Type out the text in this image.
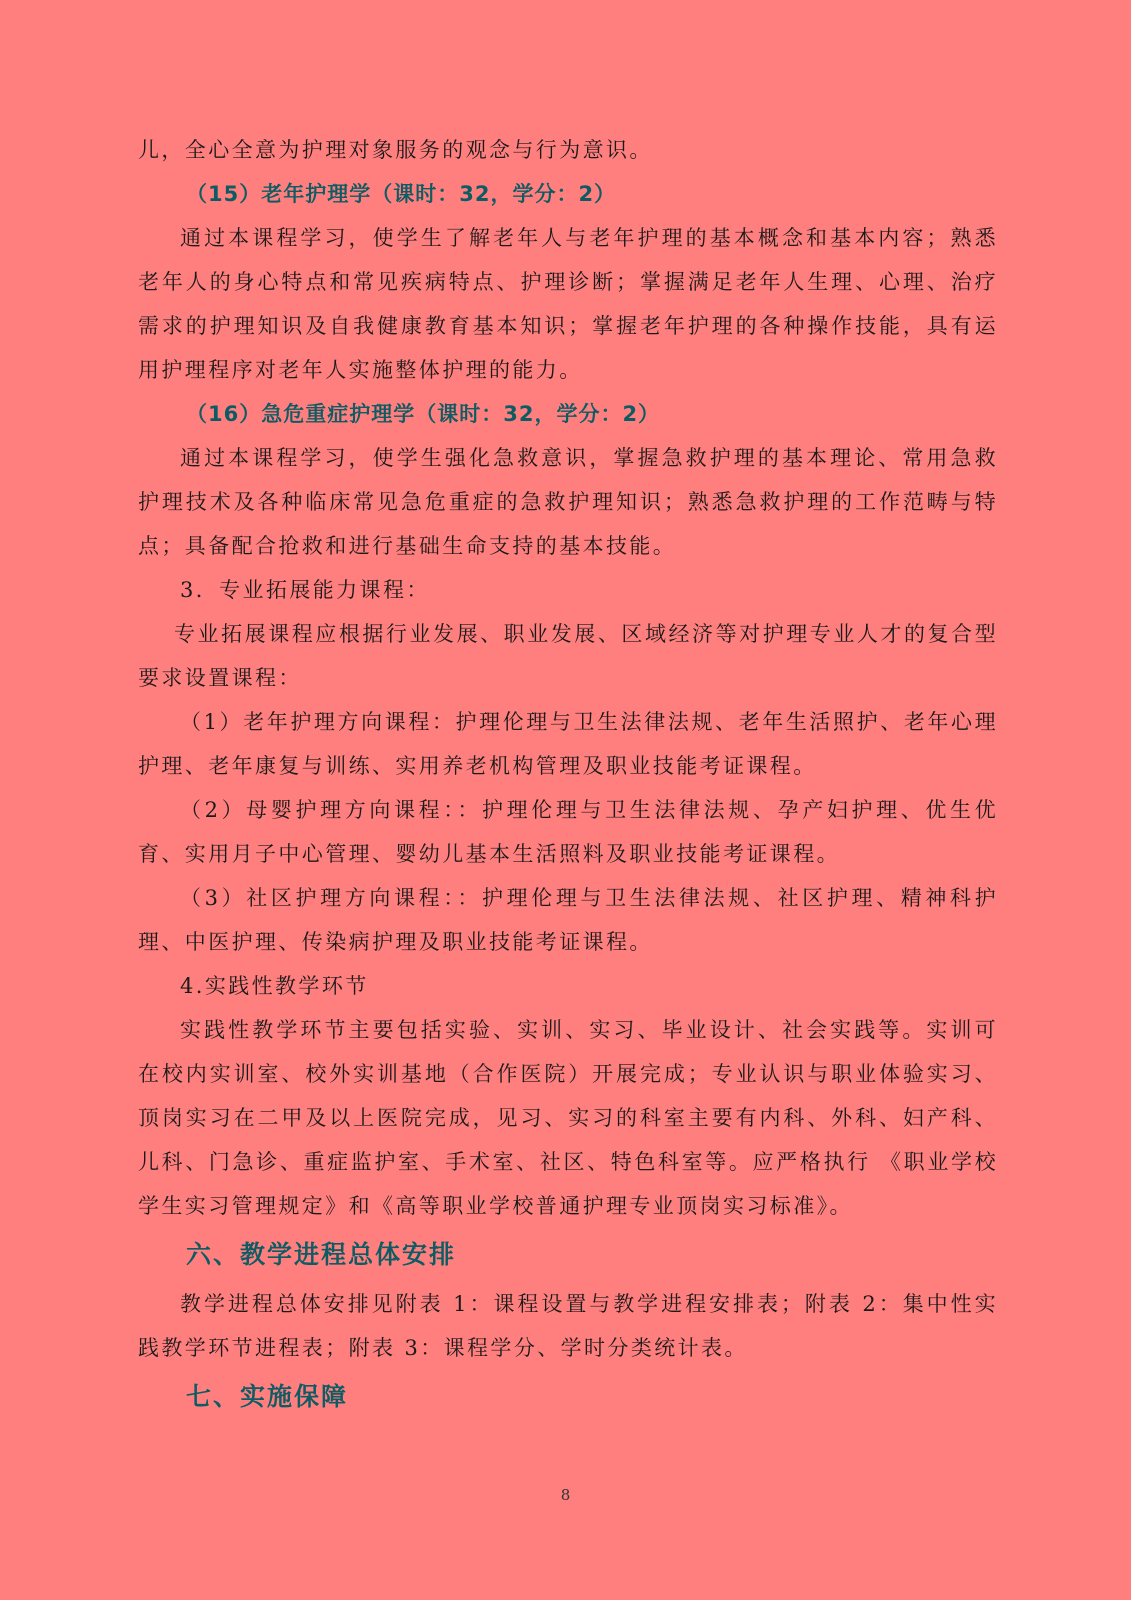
儿，全心全意为护理对象服务的观念与行为意识。

（15）老年护理学（课时：32，学分：2）

通过本课程学习，使学生了解老年人与老年护理的基本概念和基本内容；熟悉老年人的身心特点和常见疾病特点、护理诊断；掌握满足老年人生理、心理、治疗需求的护理知识及自我健康教育基本知识；掌握老年护理的各种操作技能，具有运用护理程序对老年人实施整体护理的能力。

（16）急危重症护理学（课时：32，学分：2）

通过本课程学习，使学生强化急救意识，掌握急救护理的基本理论、常用急救护理技术及各种临床常见急危重症的急救护理知识；熟悉急救护理的工作范畴与特点；具备配合抢救和进行基础生命支持的基本技能。

3．专业拓展能力课程：

专业拓展课程应根据行业发展、职业发展、区域经济等对护理专业人才的复合型要求设置课程：

（1）老年护理方向课程：护理伦理与卫生法律法规、老年生活照护、老年心理护理、老年康复与训练、实用养老机构管理及职业技能考证课程。

（2）母婴护理方向课程：：护理伦理与卫生法律法规、孕产妇护理、优生优育、实用月子中心管理、婴幼儿基本生活照料及职业技能考证课程。

（3）社区护理方向课程：：护理伦理与卫生法律法规、社区护理、精神科护理、中医护理、传染病护理及职业技能考证课程。

4.实践性教学环节

实践性教学环节主要包括实验、实训、实习、毕业设计、社会实践等。实训可在校内实训室、校外实训基地（合作医院）开展完成；专业认识与职业体验实习、顶岗实习在二甲及以上医院完成，见习、实习的科室主要有内科、外科、妇产科、儿科、门急诊、重症监护室、手术室、社区、特色科室等。应严格执行 《职业学校学生实习管理规定》和《高等职业学校普通护理专业顶岗实习标准》。

六、教学进程总体安排

教学进程总体安排见附表 1：课程设置与教学进程安排表；附表 2：集中性实践教学环节进程表；附表 3：课程学分、学时分类统计表。

七、实施保障

8
